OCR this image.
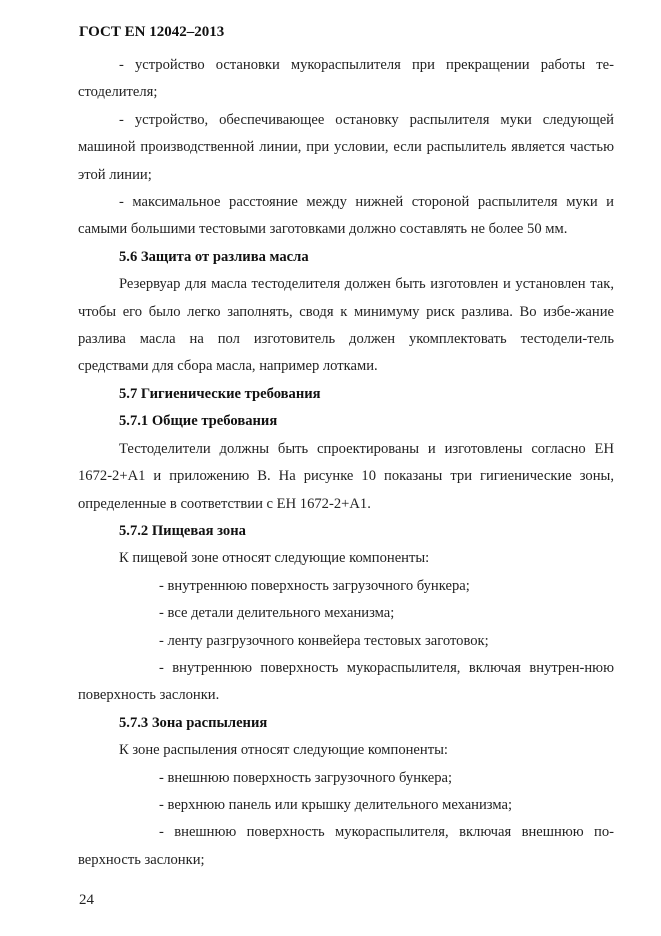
ГОСТ EN 12042–2013

- устройство остановки мукораспылителя при прекращении работы те-стоделителя;

- устройство, обеспечивающее остановку распылителя муки следующей машиной производственной линии, при условии, если распылитель является частью этой линии;

- максимальное расстояние между нижней стороной распылителя муки и самыми большими тестовыми заготовками должно составлять не более 50 мм.

5.6 Защита от разлива масла

Резервуар для масла тестоделителя должен быть изготовлен и установлен так, чтобы его было легко заполнять, сводя к минимуму риск разлива. Во избе-жание разлива масла на пол изготовитель должен укомплектовать тестодели-тель средствами для сбора масла, например лотками.

5.7 Гигиенические требования

5.7.1 Общие требования

Тестоделители должны быть спроектированы и изготовлены согласно ЕН 1672-2+А1 и приложению В. На рисунке 10 показаны три гигиенические зоны, определенные в соответствии с ЕН 1672-2+А1.

5.7.2 Пищевая зона

К пищевой зоне относят следующие компоненты:

- внутреннюю поверхность загрузочного бункера;

- все детали делительного механизма;

- ленту разгрузочного конвейера тестовых заготовок;

- внутреннюю поверхность мукораспылителя, включая внутрен-нюю поверхность заслонки.

5.7.3 Зона распыления

К зоне распыления относят следующие компоненты:

- внешнюю поверхность загрузочного бункера;

- верхнюю панель или крышку делительного механизма;

- внешнюю поверхность мукораспылителя, включая внешнюю по-верхность заслонки;

24
